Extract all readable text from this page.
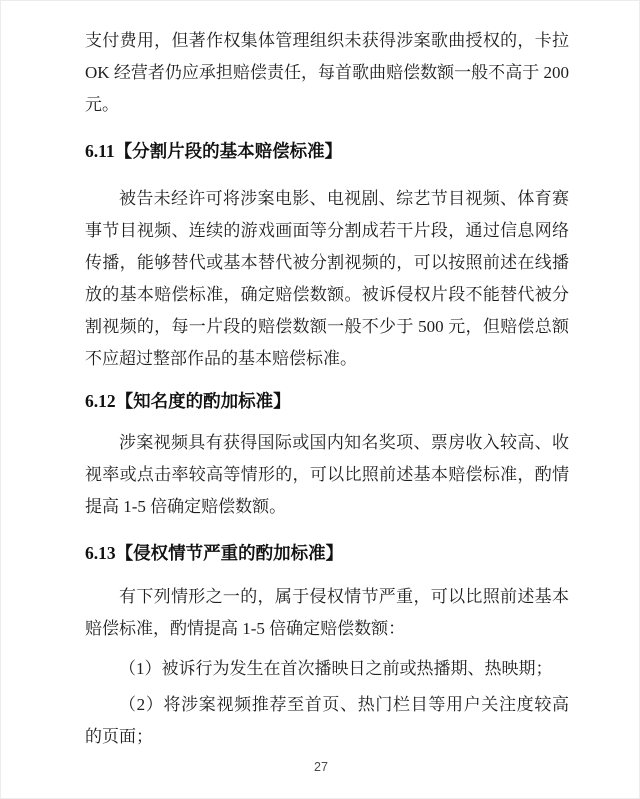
支付费用，但著作权集体管理组织未获得涉案歌曲授权的，卡拉OK 经营者仍应承担赔偿责任，每首歌曲赔偿数额一般不高于 200 元。

6.11【分割片段的基本赔偿标准】

被告未经许可将涉案电影、电视剧、综艺节目视频、体育赛事节目视频、连续的游戏画面等分割成若干片段，通过信息网络传播，能够替代或基本替代被分割视频的，可以按照前述在线播放的基本赔偿标准，确定赔偿数额。被诉侵权片段不能替代被分割视频的，每一片段的赔偿数额一般不少于 500 元，但赔偿总额不应超过整部作品的基本赔偿标准。

6.12【知名度的酌加标准】

涉案视频具有获得国际或国内知名奖项、票房收入较高、收视率或点击率较高等情形的，可以比照前述基本赔偿标准，酌情提高 1-5 倍确定赔偿数额。

6.13【侵权情节严重的酌加标准】

有下列情形之一的，属于侵权情节严重，可以比照前述基本赔偿标准，酌情提高 1-5 倍确定赔偿数额：

（1）被诉行为发生在首次播映日之前或热播期、热映期；

（2）将涉案视频推荐至首页、热门栏目等用户关注度较高的页面；

27
